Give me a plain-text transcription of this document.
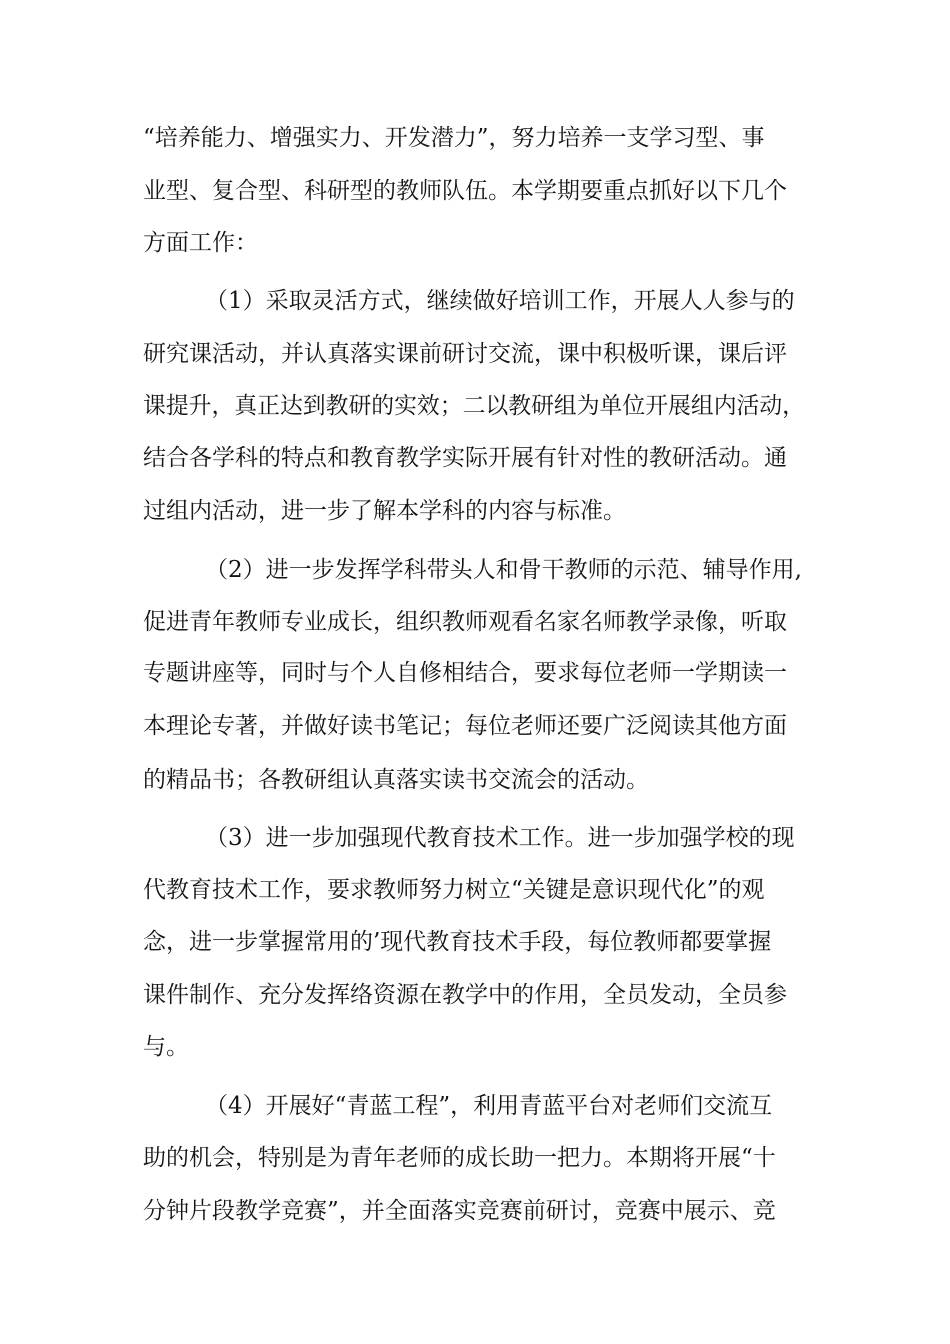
“培养能力、增强实力、开发潜力”，努力培养一支学习型、事
业型、复合型、科研型的教师队伍。本学期要重点抓好以下几个
方面工作：
（1）采取灵活方式，继续做好培训工作，开展人人参与的
研究课活动，并认真落实课前研讨交流，课中积极听课，课后评
课提升，真正达到教研的实效；二以教研组为单位开展组内活动，
结合各学科的特点和教育教学实际开展有针对性的教研活动。通
过组内活动，进一步了解本学科的内容与标准。
（2）进一步发挥学科带头人和骨干教师的示范、辅导作用,
促进青年教师专业成长，组织教师观看名家名师教学录像，听取
专题讲座等，同时与个人自修相结合，要求每位老师一学期读一
本理论专著，并做好读书笔记；每位老师还要广泛阅读其他方面
的精品书；各教研组认真落实读书交流会的活动。
（3）进一步加强现代教育技术工作。进一步加强学校的现
代教育技术工作，要求教师努力树立“关键是意识现代化”的观
念，进一步掌握常用的’现代教育技术手段，每位教师都要掌握
课件制作、充分发挥络资源在教学中的作用，全员发动，全员参
与。
（4）开展好“青蓝工程”，利用青蓝平台对老师们交流互
助的机会，特别是为青年老师的成长助一把力。本期将开展“十
分钟片段教学竞赛”，并全面落实竞赛前研讨，竞赛中展示、竞
